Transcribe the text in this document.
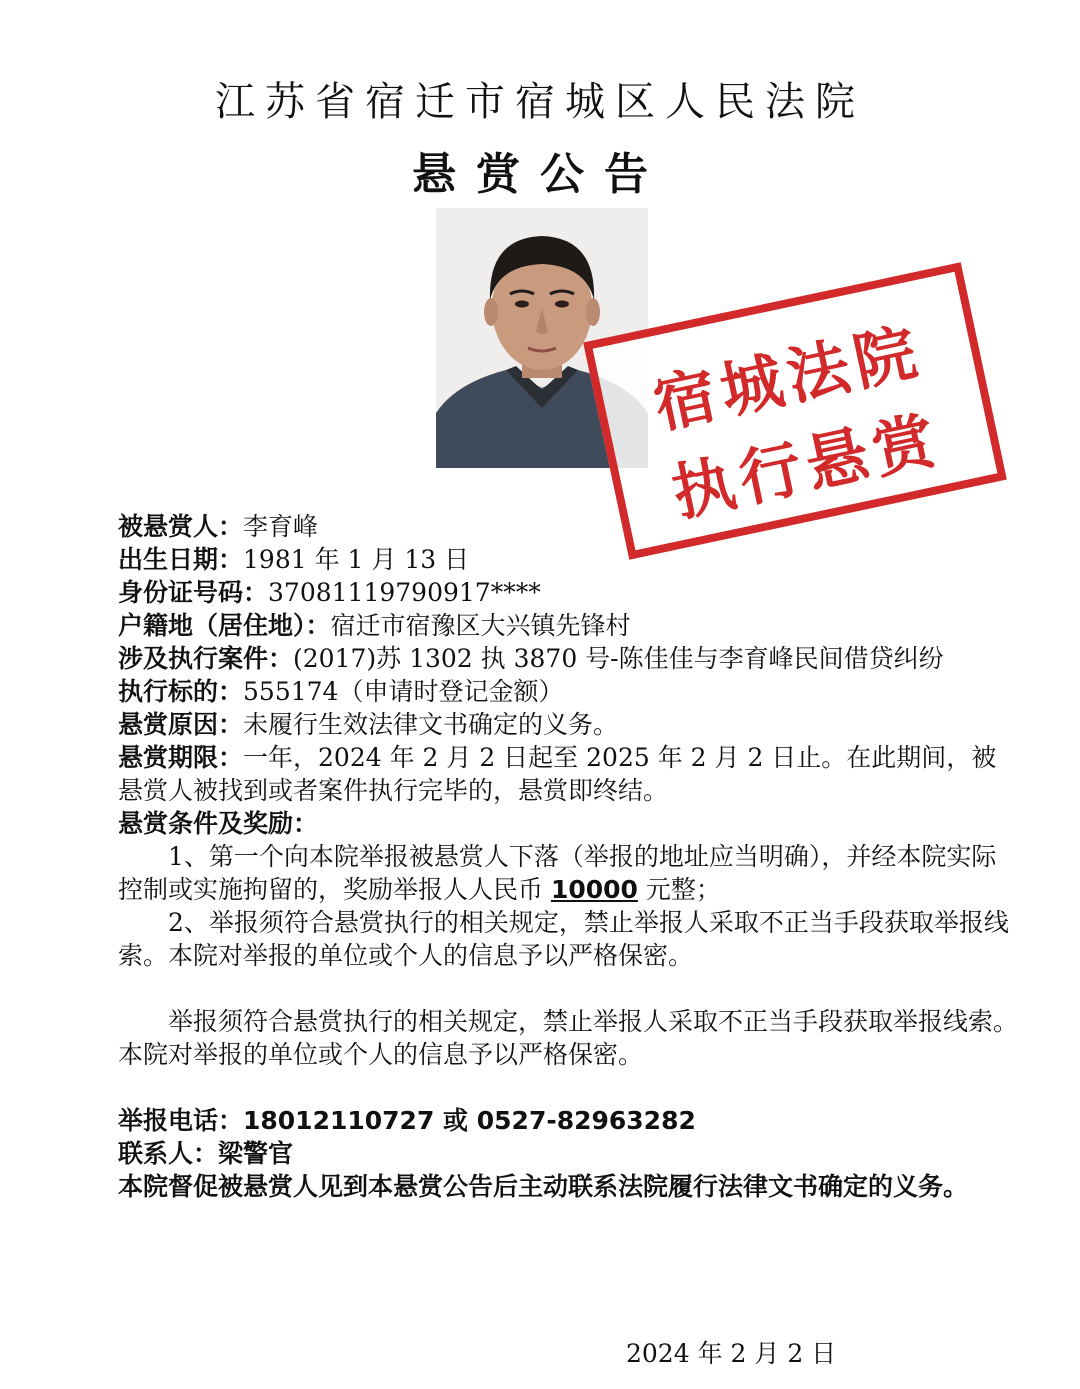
江苏省宿迁市宿城区人民法院
悬赏公告
宿城法院
执行悬赏

被悬赏人：李育峰

出生日期：1981 年 1 月 13 日

身份证号码：37081119790917****

户籍地（居住地）：宿迁市宿豫区大兴镇先锋村

涉及执行案件：(2017)苏 1302 执 3870 号-陈佳佳与李育峰民间借贷纠纷

执行标的：555174（申请时登记金额）

悬赏原因：未履行生效法律文书确定的义务。

悬赏期限：一年，2024 年 2 月 2 日起至 2025 年 2 月 2 日止。在此期间，被悬赏人被找到或者案件执行完毕的，悬赏即终结。

悬赏条件及奖励：

1、第一个向本院举报被悬赏人下落（举报的地址应当明确），并经本院实际控制或实施拘留的，奖励举报人人民币 10000 元整；

2、举报须符合悬赏执行的相关规定，禁止举报人采取不正当手段获取举报线索。本院对举报的单位或个人的信息予以严格保密。

举报须符合悬赏执行的相关规定，禁止举报人采取不正当手段获取举报线索。本院对举报的单位或个人的信息予以严格保密。

举报电话：18012110727 或 0527-82963282

联系人：梁警官

本院督促被悬赏人见到本悬赏公告后主动联系法院履行法律文书确定的义务。

2024 年 2 月 2 日
